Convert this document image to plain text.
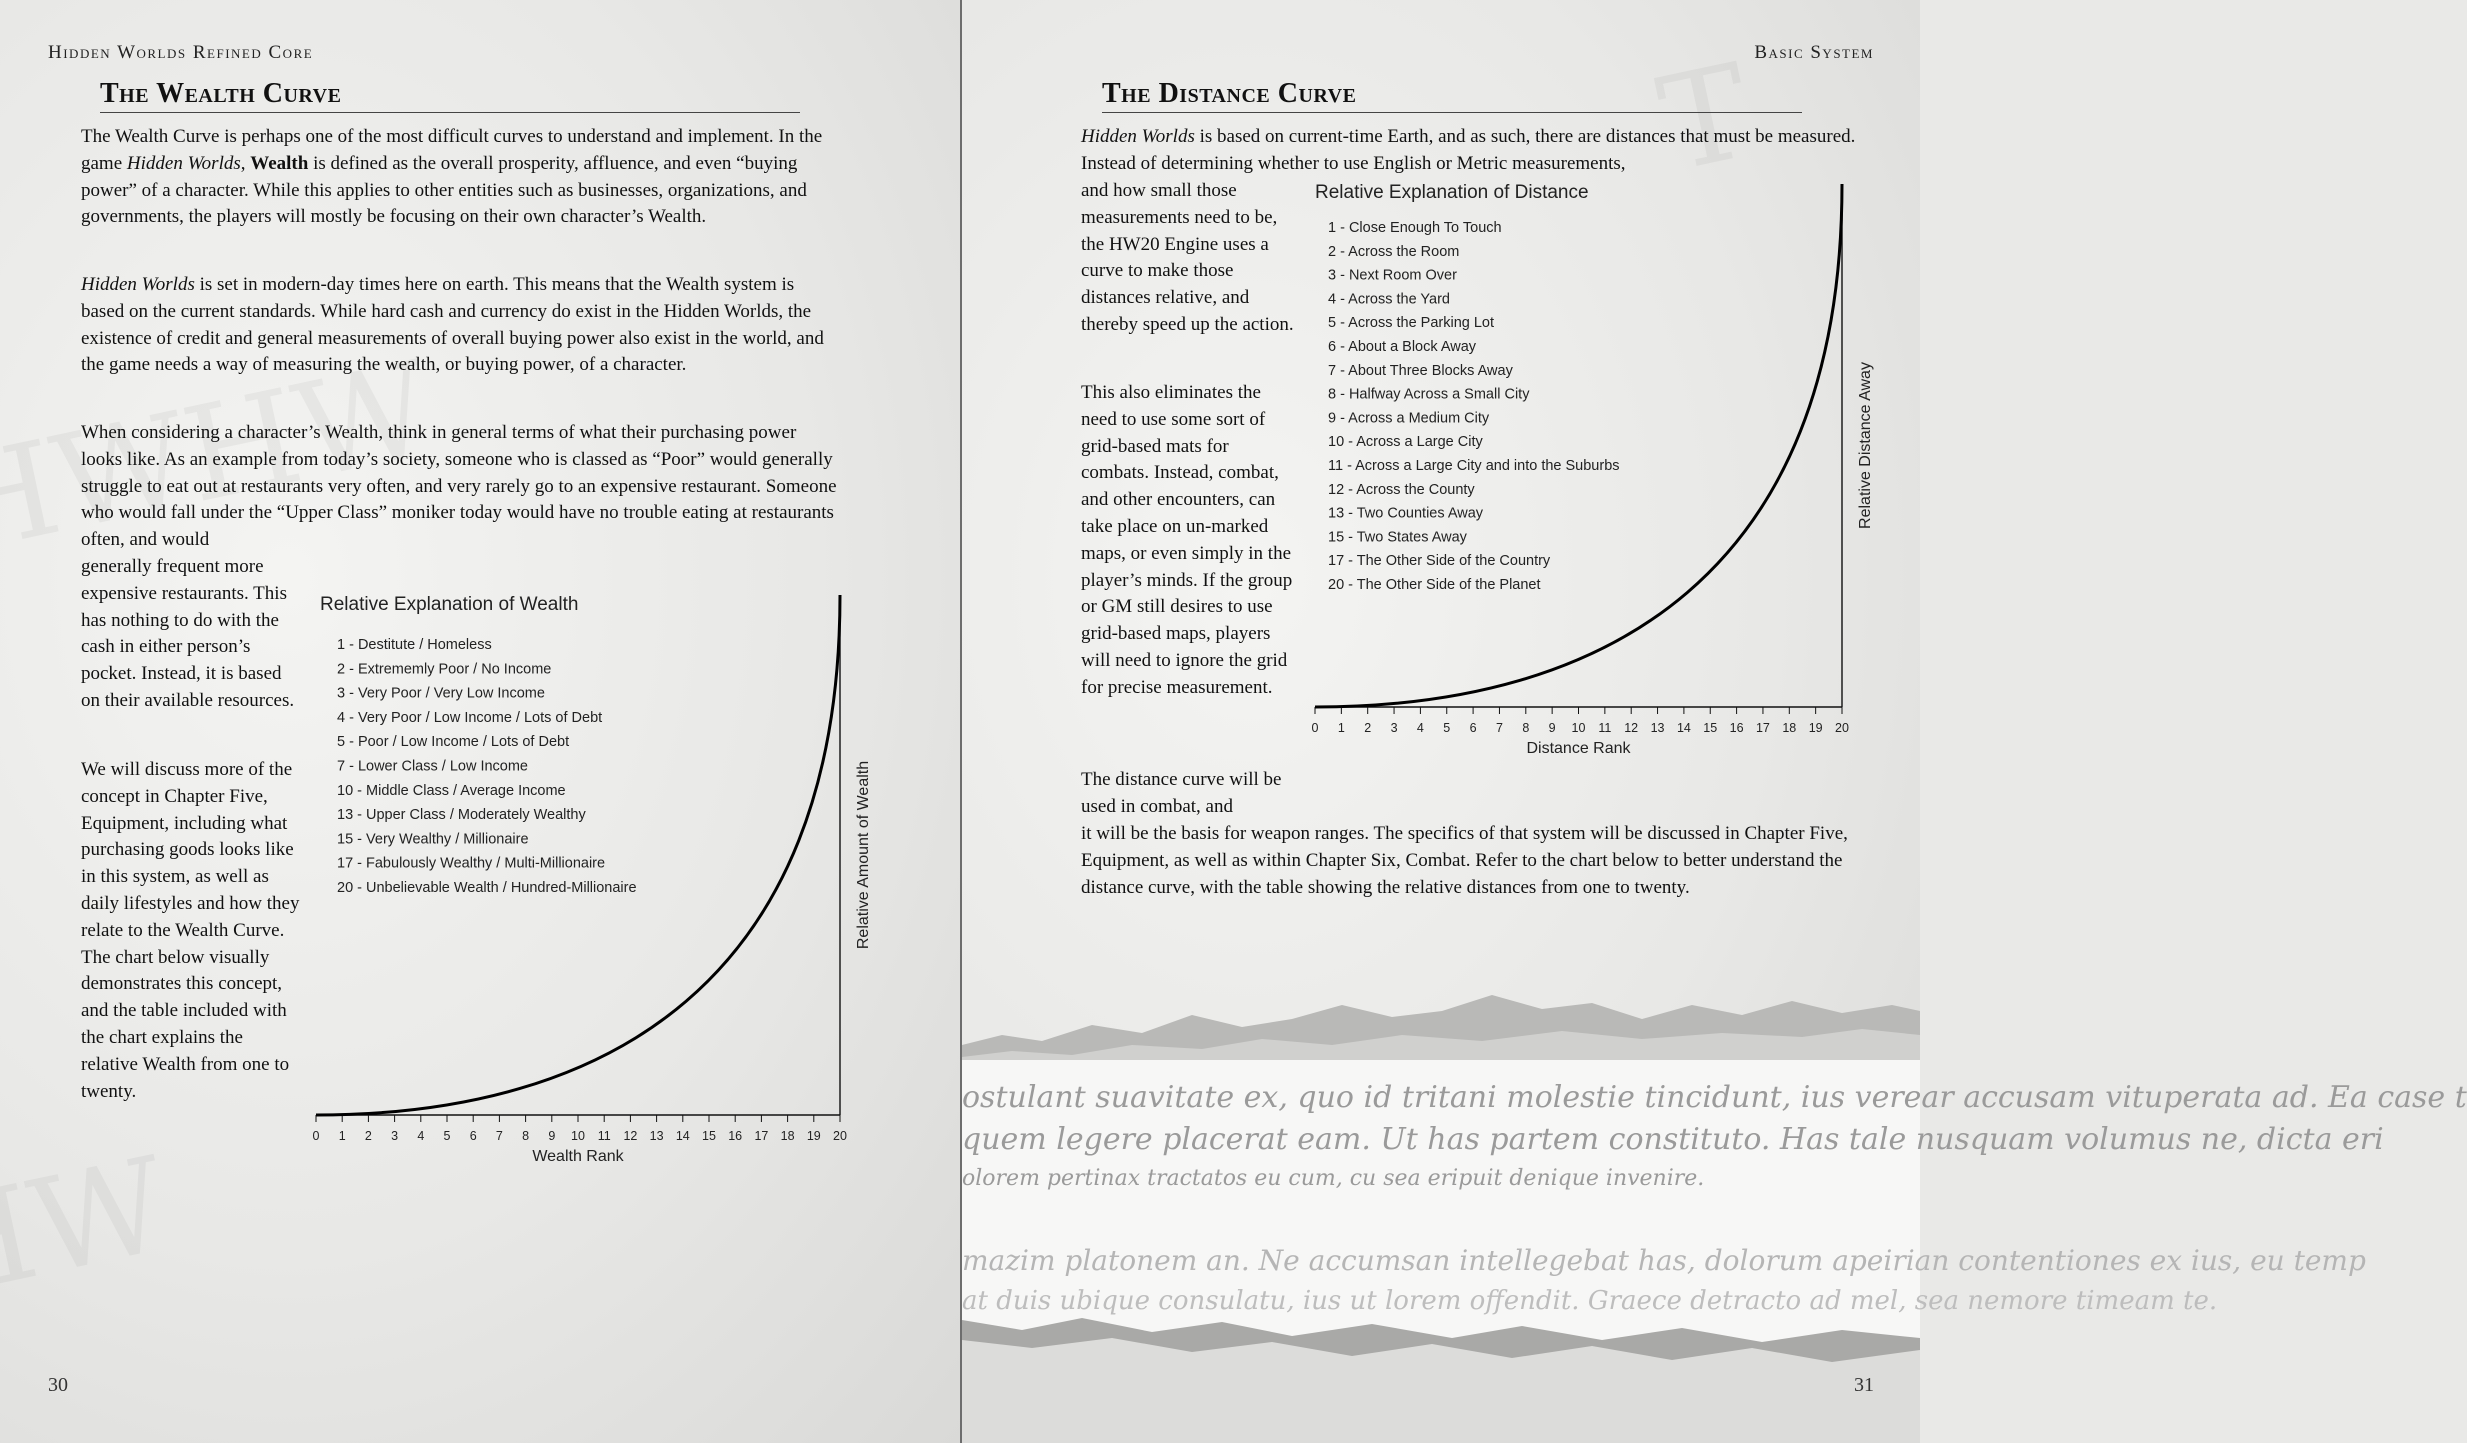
Hidden Worlds Refined Core
The Wealth Curve

The Wealth Curve is perhaps one of the most difficult curves to understand and implement. In the game Hidden Worlds, Wealth is defined as the overall prosperity, affluence, and even “buying power” of a character. While this applies to other entities such as businesses, organizations, and governments, the players will mostly be focusing on their own character’s Wealth.

Hidden Worlds is set in modern-day times here on earth. This means that the Wealth system is based on the current standards. While hard cash and currency do exist in the Hidden Worlds, the existence of credit and general measurements of overall buying power also exist in the world, and the game needs a way of measuring the wealth, or buying power, of a character.

When considering a character’s Wealth, think in general terms of what their purchasing power looks like. As an example from today’s society, someone who is classed as “Poor” would generally struggle to eat out at restaurants very often, and very rarely go to an expensive restaurant. Someone who would fall under the “Upper Class” moniker today would have no trouble eating at restaurants often, and would

generally frequent more expensive restaurants. This has nothing to do with the cash in either person’s pocket. Instead, it is based on their available resources.

We will discuss more of the concept in Chapter Five, Equipment, including what purchasing goods looks like in this system, as well as daily lifestyles and how they relate to the Wealth Curve. The chart below visually demonstrates this concept, and the table included with the chart explains the relative Wealth from one to twenty.

Relative Explanation of Wealth
1 - Destitute / Homeless
2 - Extrememly Poor / No Income
3 - Very Poor / Very Low Income
4 - Very Poor / Low Income / Lots of Debt
5 - Poor / Low Income / Lots of Debt
7 - Lower Class / Low Income
10 - Middle Class / Average Income
13 - Upper Class / Moderately Wealthy
15 - Very Wealthy / Millionaire
17 - Fabulously Wealthy / Multi-Millionaire
20 - Unbelievable Wealth / Hundred-Millionaire
0 1 2 3 4 5 6 7 8 9 10 11 12 13 14 15 16 17 18 19 20
Wealth Rank
Relative Amount of Wealth
30
Basic System
The Distance Curve

Hidden Worlds is based on current-time Earth, and as such, there are distances that must be measured. Instead of determining whether to use English or Metric measurements,

and how small those measurements need to be, the HW20 Engine uses a curve to make those distances relative, and thereby speed up the action.

This also eliminates the need to use some sort of grid-based mats for combats. Instead, combat, and other encounters, can take place on un-marked maps, or even simply in the player’s minds. If the group or GM still desires to use grid-based maps, players will need to ignore the grid for precise measurement.

The distance curve will be used in combat, and

it will be the basis for weapon ranges. The specifics of that system will be discussed in Chapter Five, Equipment, as well as within Chapter Six, Combat. Refer to the chart below to better understand the distance curve, with the table showing the relative distances from one to twenty.

Relative Explanation of Distance
1 - Close Enough To Touch
2 - Across the Room
3 - Next Room Over
4 - Across the Yard
5 - Across the Parking Lot
6 - About a Block Away
7 - About Three Blocks Away
8 - Halfway Across a Small City
9 - Across a Medium City
10 - Across a Large City
11 - Across a Large City and into the Suburbs
12 - Across the County
13 - Two Counties Away
15 - Two States Away
17 - The Other Side of the Country
20 - The Other Side of the Planet
0 1 2 3 4 5 6 7 8 9 10 11 12 13 14 15 16 17 18 19 20
Distance Rank
Relative Distance Away
ostulant suavitate ex, quo id tritani molestie tincidunt, ius verear accusam vituperata ad. Ea case t
quem legere placerat eam. Ut has partem constituto. Has tale nusquam volumus ne, dicta eri
olorem pertinax tractatos eu cum, cu sea eripuit denique invenire.
mazim platonem an. Ne accumsan intellegebat has, dolorum apeirian contentiones ex ius, eu temp
at duis ubique consulatu, ius ut lorem offendit. Graece detracto ad mel, sea nemore timeam te.
31
